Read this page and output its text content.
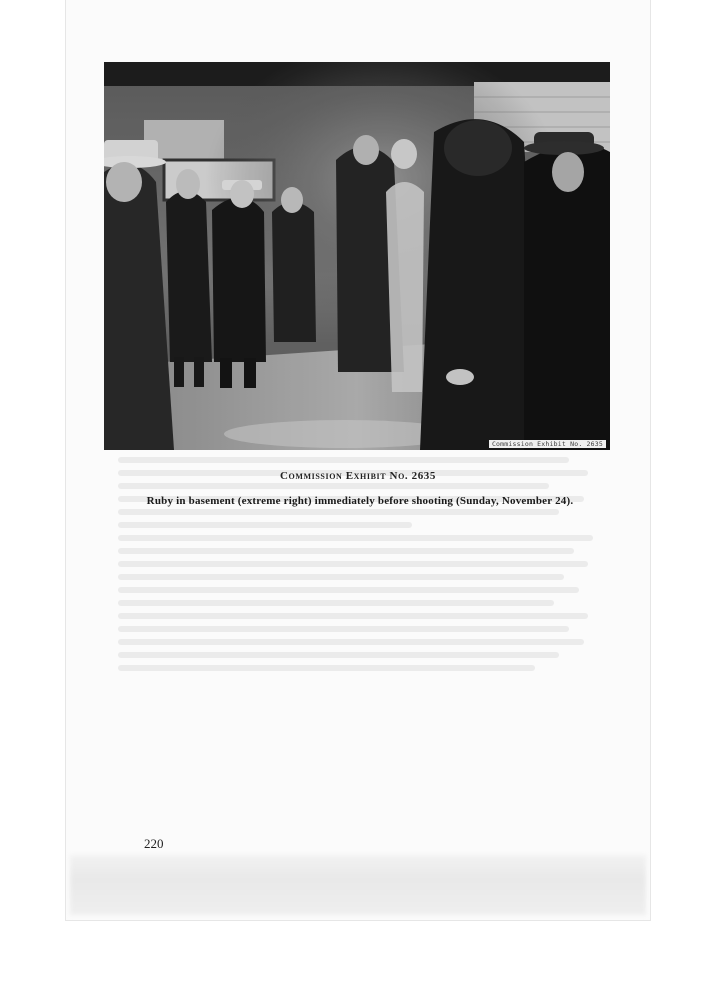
Commission Exhibit No. 2635
Commission Exhibit No. 2635
Ruby in basement (extreme right) immediately before shooting (Sunday, November 24).
220
